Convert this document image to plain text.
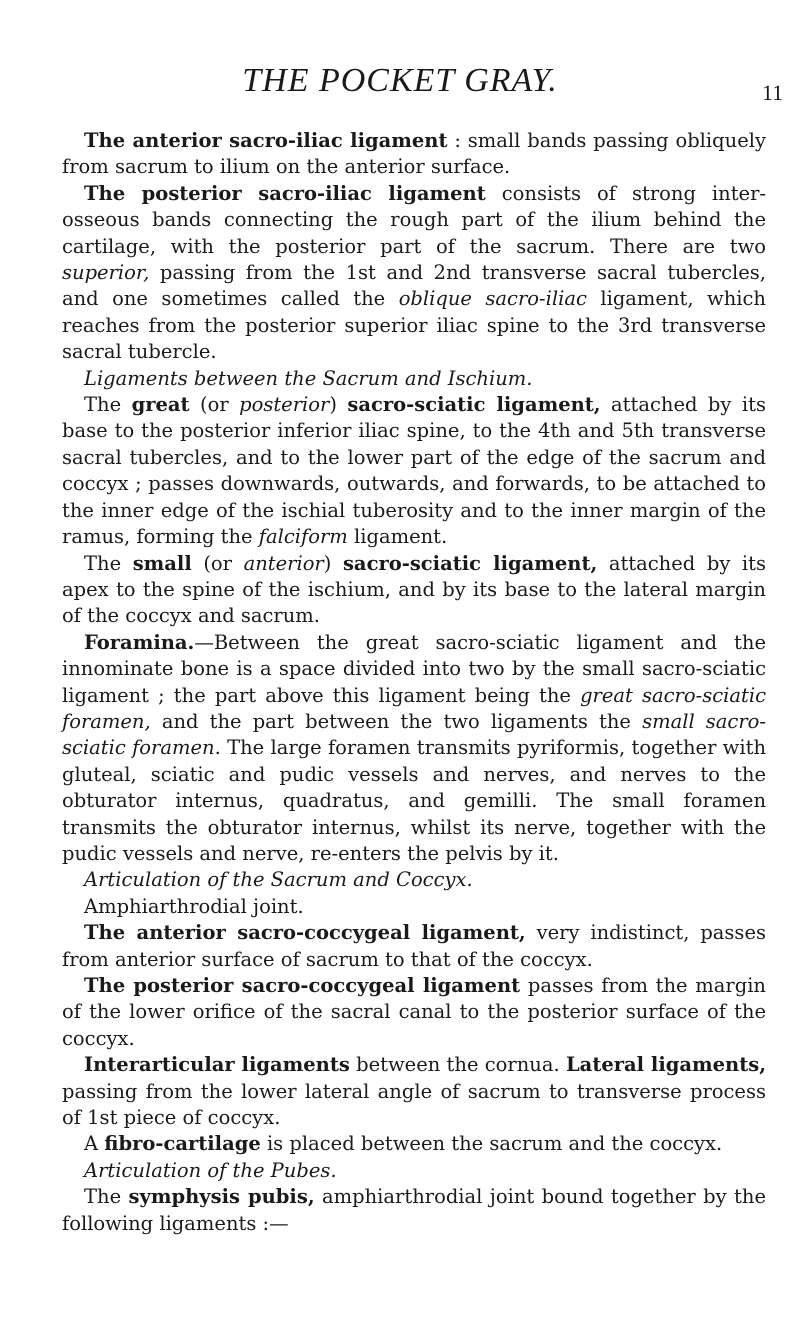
THE POCKET GRAY.	11

The anterior sacro-iliac ligament : small bands passing obliquely from sacrum to ilium on the anterior surface.

The posterior sacro-iliac ligament consists of strong inter-osseous bands connecting the rough part of the ilium behind the cartilage, with the posterior part of the sacrum. There are two superior, passing from the 1st and 2nd transverse sacral tubercles, and one sometimes called the oblique sacro-iliac ligament, which reaches from the posterior superior iliac spine to the 3rd transverse sacral tubercle.

Ligaments between the Sacrum and Ischium.

The great (or posterior) sacro-sciatic ligament, attached by its base to the posterior inferior iliac spine, to the 4th and 5th transverse sacral tubercles, and to the lower part of the edge of the sacrum and coccyx ; passes downwards, outwards, and forwards, to be attached to the inner edge of the ischial tuberosity and to the inner margin of the ramus, forming the falciform ligament.

The small (or anterior) sacro-sciatic ligament, attached by its apex to the spine of the ischium, and by its base to the lateral margin of the coccyx and sacrum.

Foramina.—Between the great sacro-sciatic ligament and the innominate bone is a space divided into two by the small sacro-sciatic ligament ; the part above this ligament being the great sacro-sciatic foramen, and the part between the two ligaments the small sacro-sciatic foramen. The large foramen transmits pyriformis, together with gluteal, sciatic and pudic vessels and nerves, and nerves to the obturator internus, quadratus, and gemilli. The small foramen transmits the obturator internus, whilst its nerve, together with the pudic vessels and nerve, re-enters the pelvis by it.

Articulation of the Sacrum and Coccyx.

Amphiarthrodial joint.

The anterior sacro-coccygeal ligament, very indistinct, passes from anterior surface of sacrum to that of the coccyx.

The posterior sacro-coccygeal ligament passes from the margin of the lower orifice of the sacral canal to the posterior surface of the coccyx.

Interarticular ligaments between the cornua. Lateral ligaments, passing from the lower lateral angle of sacrum to transverse process of 1st piece of coccyx.

A fibro-cartilage is placed between the sacrum and the coccyx.

Articulation of the Pubes.

The symphysis pubis, amphiarthrodial joint bound together by the following ligaments :—
